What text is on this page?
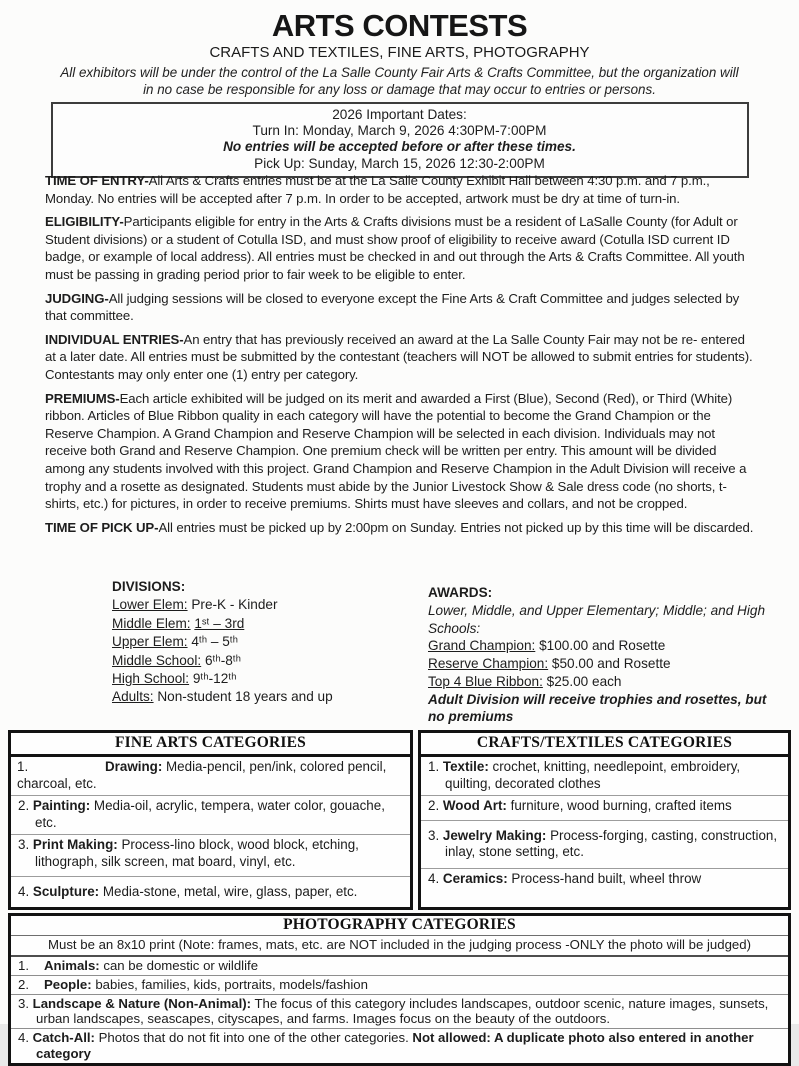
ARTS CONTESTS
CRAFTS AND TEXTILES, FINE ARTS, PHOTOGRAPHY
All exhibitors will be under the control of the La Salle County Fair Arts & Crafts Committee, but the organization will in no case be responsible for any loss or damage that may occur to entries or persons.
2026 Important Dates:
Turn In: Monday, March 9, 2026 4:30PM-7:00PM
No entries will be accepted before or after these times.
Pick Up: Sunday, March 15, 2026 12:30-2:00PM
TIME OF ENTRY-All Arts & Crafts entries must be at the La Salle County Exhibit Hall between 4:30 p.m. and 7 p.m., Monday. No entries will be accepted after 7 p.m. In order to be accepted, artwork must be dry at time of turn-in.
ELIGIBILITY-Participants eligible for entry in the Arts & Crafts divisions must be a resident of LaSalle County (for Adult or Student divisions) or a student of Cotulla ISD, and must show proof of eligibility to receive award (Cotulla ISD current ID badge, or example of local address). All entries must be checked in and out through the Arts & Crafts Committee. All youth must be passing in grading period prior to fair week to be eligible to enter.
JUDGING-All judging sessions will be closed to everyone except the Fine Arts & Craft Committee and judges selected by that committee.
INDIVIDUAL ENTRIES-An entry that has previously received an award at the La Salle County Fair may not be re- entered at a later date. All entries must be submitted by the contestant (teachers will NOT be allowed to submit entries for students). Contestants may only enter one (1) entry per category.
PREMIUMS-Each article exhibited will be judged on its merit and awarded a First (Blue), Second (Red), or Third (White) ribbon. Articles of Blue Ribbon quality in each category will have the potential to become the Grand Champion or the Reserve Champion. A Grand Champion and Reserve Champion will be selected in each division. Individuals may not receive both Grand and Reserve Champion. One premium check will be written per entry. This amount will be divided among any students involved with this project. Grand Champion and Reserve Champion in the Adult Division will receive a trophy and a rosette as designated. Students must abide by the Junior Livestock Show & Sale dress code (no shorts, t-shirts, etc.) for pictures, in order to receive premiums. Shirts must have sleeves and collars, and not be cropped.
TIME OF PICK UP-All entries must be picked up by 2:00pm on Sunday. Entries not picked up by this time will be discarded.
DIVISIONS:
Lower Elem: Pre-K - Kinder
Middle Elem: 1ˢᵗ – 3rd
Upper Elem: 4ᵗʰ – 5ᵗʰ
Middle School: 6ᵗʰ-8ᵗʰ
High School: 9ᵗʰ-12ᵗʰ
Adults: Non-student 18 years and up
AWARDS:
Lower, Middle, and Upper Elementary; Middle; and High Schools:
Grand Champion: $100.00 and Rosette
Reserve Champion: $50.00 and Rosette
Top 4 Blue Ribbon: $25.00 each
Adult Division will receive trophies and rosettes, but no premiums
FINE ARTS CATEGORIES
1.	Drawing: Media-pencil, pen/ink, colored pencil, charcoal, etc.
2. Painting: Media-oil, acrylic, tempera, water color, gouache, etc.
3. Print Making: Process-lino block, wood block, etching, lithograph, silk screen, mat board, vinyl, etc.
4. Sculpture: Media-stone, metal, wire, glass, paper, etc.
CRAFTS/TEXTILES CATEGORIES
1. Textile: crochet, knitting, needlepoint, embroidery, quilting, decorated clothes
2. Wood Art: furniture, wood burning, crafted items
3. Jewelry Making: Process-forging, casting, construction, inlay, stone setting, etc.
4. Ceramics: Process-hand built, wheel throw
PHOTOGRAPHY CATEGORIES
Must be an 8x10 print (Note: frames, mats, etc. are NOT included in the judging process -ONLY the photo will be judged)
1. Animals: can be domestic or wildlife
2. People: babies, families, kids, portraits, models/fashion
3. Landscape & Nature (Non-Animal): The focus of this category includes landscapes, outdoor scenic, nature images, sunsets, urban landscapes, seascapes, cityscapes, and farms. Images focus on the beauty of the outdoors.
4. Catch-All: Photos that do not fit into one of the other categories. Not allowed: A duplicate photo also entered in another category
